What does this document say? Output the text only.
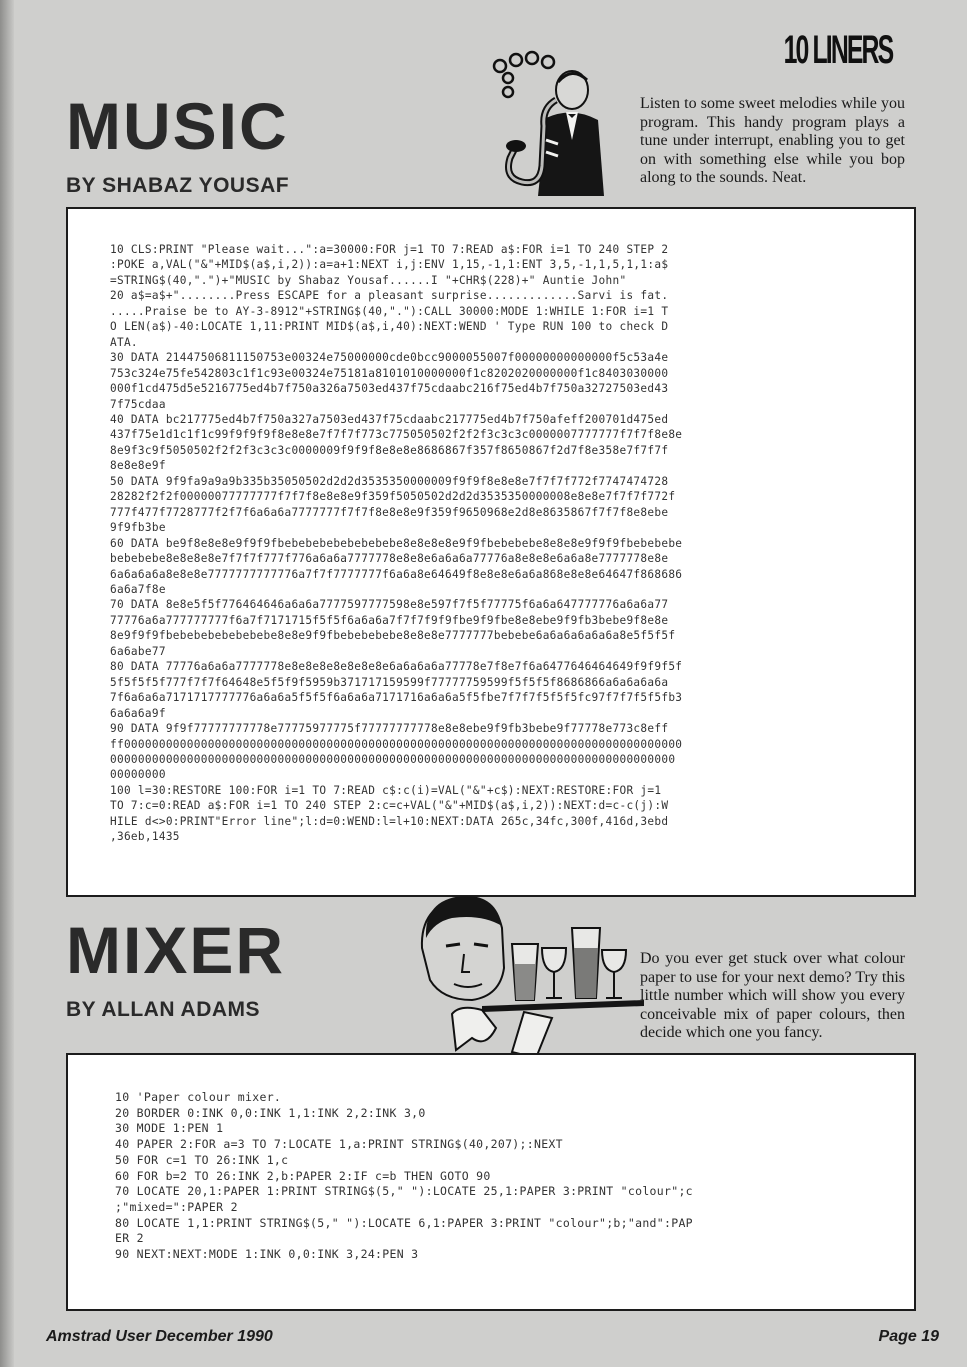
10 LINERS
MUSIC
BY SHABAZ YOUSAF
Listen to some sweet melodies while you program. This handy program plays a tune under interrupt, enabling you to get on with something else while you bop along to the sounds. Neat.
10 CLS:PRINT "Please wait...":a=30000:FOR j=1 TO 7:READ a$:FOR i=1 TO 240 STEP 2
:POKE a,VAL("&"+MID$(a$,i,2)):a=a+1:NEXT i,j:ENV 1,15,-1,1:ENT 3,5,-1,1,5,1,1:a$
=STRING$(40,".")+"MUSIC by Shabaz Yousaf......I "+CHR$(228)+" Auntie John"
20 a$=a$+"........Press ESCAPE for a pleasant surprise.............Sarvi is fat.
.....Praise be to AY-3-8912"+STRING$(40,"."):CALL 30000:MODE 1:WHILE 1:FOR i=1 T
O LEN(a$)-40:LOCATE 1,11:PRINT MID$(a$,i,40):NEXT:WEND ' Type RUN 100 to check D
ATA.
30 DATA 21447506811150753e00324e75000000cde0bcc9000055007f00000000000000f5c53a4e
753c324e75fe542803c1f1c93e00324e75181a8101010000000f1c8202020000000f1c8403030000
000f1cd475d5e5216775ed4b7f750a326a7503ed437f75cdaabc216f75ed4b7f750a32727503ed43
7f75cdaa
40 DATA bc217775ed4b7f750a327a7503ed437f75cdaabc217775ed4b7f750afeff200701d475ed
437f75e1d1c1f1c99f9f9f9f8e8e8e7f7f7f773c775050502f2f2f3c3c3c0000007777777f7f7f8e8e
8e9f3c9f5050502f2f2f3c3c3c0000009f9f9f8e8e8e8686867f357f8650867f2d7f8e358e7f7f7f
8e8e8e9f
50 DATA 9f9fa9a9a9b335b35050502d2d2d3535350000009f9f9f8e8e8e7f7f7f772f7747474728
28282f2f2f00000077777777f7f7f8e8e8e9f359f5050502d2d2d3535350000008e8e8e7f7f7f772f
777f477f7728777f2f7f6a6a6a7777777f7f7f8e8e8e9f359f9650968e2d8e8635867f7f7f8e8ebe
9f9fb3be
60 DATA be9f8e8e8e9f9f9fbebebebebebebebebe8e8e8e8e9f9fbebebebe8e8e8e9f9f9fbebebebe
bebebebe8e8e8e8e7f7f7f777f776a6a6a7777778e8e8e6a6a6a77776a8e8e8e6a6a8e7777778e8e
6a6a6a6a8e8e8e7777777777776a7f7f7777777f6a6a8e64649f8e8e8e6a6a868e8e8e64647f868686
6a6a7f8e
70 DATA 8e8e5f5f776464646a6a6a7777597777598e8e597f7f5f77775f6a6a647777776a6a6a77
77776a6a777777777f6a7f7171715f5f5f6a6a6a7f7f7f9f9fbe9f9fbe8e8ebe9f9fb3bebe9f8e8e
8e9f9f9fbebebebebebebebe8e8e9f9fbebebebebe8e8e8e7777777bebebe6a6a6a6a6a6a8e5f5f5f
6a6abe77
80 DATA 77776a6a6a7777778e8e8e8e8e8e8e8e6a6a6a6a77778e7f8e7f6a6477646464649f9f9f5f
5f5f5f5f777f7f7f64648e5f5f9f5959b371717159599f77777759599f5f5f5f8686866a6a6a6a6a
7f6a6a6a7171717777776a6a6a5f5f5f6a6a6a7171716a6a6a5f5fbe7f7f7f5f5f5fc97f7f7f5f5fb3
6a6a6a9f
90 DATA 9f9f77777777778e77775977775f77777777778e8e8ebe9f9fb3bebe9f77778e773c8eff
ff00000000000000000000000000000000000000000000000000000000000000000000000000000000
000000000000000000000000000000000000000000000000000000000000000000000000000000000
00000000
100 l=30:RESTORE 100:FOR i=1 TO 7:READ c$:c(i)=VAL("&"+c$):NEXT:RESTORE:FOR j=1
TO 7:c=0:READ a$:FOR i=1 TO 240 STEP 2:c=c+VAL("&"+MID$(a$,i,2)):NEXT:d=c-c(j):W
HILE d<>0:PRINT"Error line";l:d=0:WEND:l=l+10:NEXT:DATA 265c,34fc,300f,416d,3ebd
,36eb,1435
MIXER
BY ALLAN ADAMS
Do you ever get stuck over what colour paper to use for your next demo? Try this little number which will show you every conceivable mix of paper colours, then decide which one you fancy.
10 'Paper colour mixer.
20 BORDER 0:INK 0,0:INK 1,1:INK 2,2:INK 3,0
30 MODE 1:PEN 1
40 PAPER 2:FOR a=3 TO 7:LOCATE 1,a:PRINT STRING$(40,207);:NEXT
50 FOR c=1 TO 26:INK 1,c
60 FOR b=2 TO 26:INK 2,b:PAPER 2:IF c=b THEN GOTO 90
70 LOCATE 20,1:PAPER 1:PRINT STRING$(5," "):LOCATE 25,1:PAPER 3:PRINT "colour";c
;"mixed=":PAPER 2
80 LOCATE 1,1:PRINT STRING$(5," "):LOCATE 6,1:PAPER 3:PRINT "colour";b;"and":PAP
ER 2
90 NEXT:NEXT:MODE 1:INK 0,0:INK 3,24:PEN 3
Amstrad User December 1990	Page 19
